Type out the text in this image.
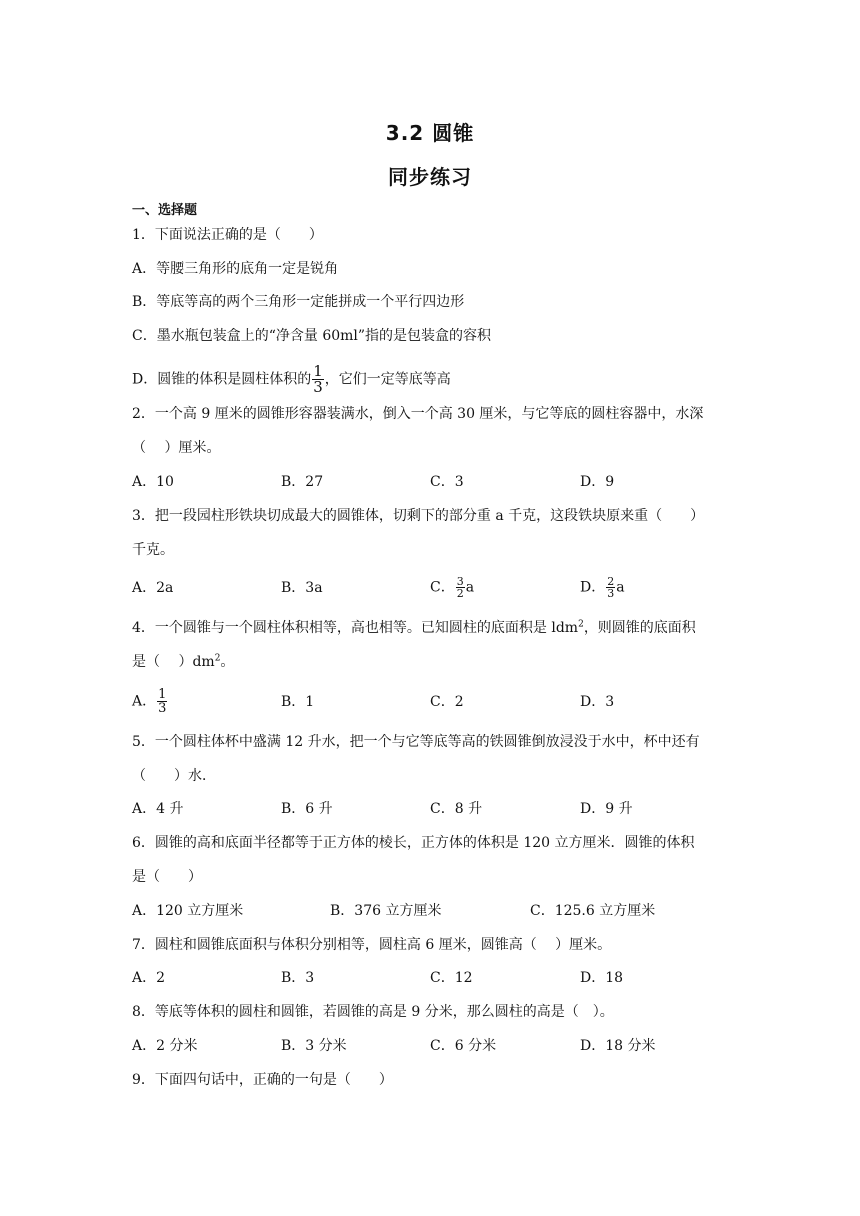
3.2 圆锥
同步练习
一、选择题
1．下面说法正确的是（　　）
A．等腰三角形的底角一定是锐角
B．等底等高的两个三角形一定能拼成一个平行四边形
C．墨水瓶包装盒上的“净含量 60ml”指的是包装盒的容积
D．圆锥的体积是圆柱体积的 $\frac{1}{3}$ ，它们一定等底等高
2．一个高 9 厘米的圆锥形容器装满水，倒入一个高 30 厘米，与它等底的圆柱容器中，水深
（　 ）厘米。
A．10	B．27	C．3	D．9
3．把一段园柱形铁块切成最大的圆锥体，切剩下的部分重 a 千克，这段铁块原来重（　　）
千克。
A．2a	B．3a	C． $\frac{3}{2}$ a	D． $\frac{2}{3}$ a
4．一个圆锥与一个圆柱体积相等，高也相等。已知圆柱的底面积是 ldm$^2$，则圆锥的底面积
是（　 ）$dm^2$。
A． $\frac{1}{3}$	B．1	C．2	D．3
5．一个圆柱体杯中盛满 12 升水，把一个与它等底等高的铁圆锥倒放浸没于水中，杯中还有
（　　）水．
A．4 升	B．6 升	C．8 升	D．9 升
6．圆锥的高和底面半径都等于正方体的棱长，正方体的体积是 120 立方厘米．圆锥的体积
是（　　）
A．120 立方厘米	B．376 立方厘米	C．125.6 立方厘米
7．圆柱和圆锥底面积与体积分别相等，圆柱高 6 厘米，圆锥高（　 ）厘米。
A．2	B．3	C．12	D．18
8．等底等体积的圆柱和圆锥，若圆锥的高是 9 分米，那么圆柱的高是（　）。
A．2 分米	B．3 分米	C．6 分米	D．18 分米
9．下面四句话中，正确的一句是（　　）
